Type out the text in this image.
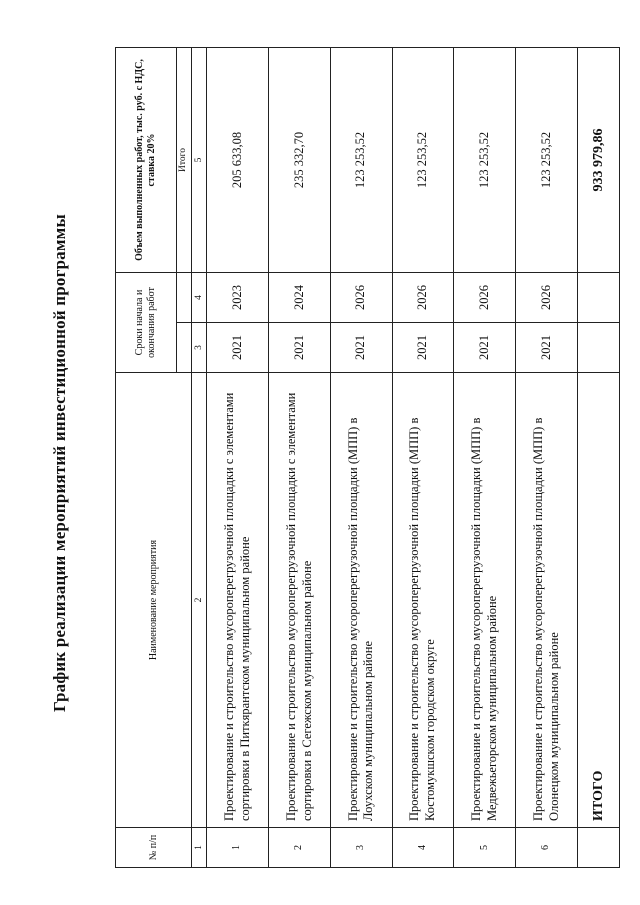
График реализации мероприятий инвестиционной программы
№ п/п	Наименование мероприятия	Сроки начала и окончания работ		Объем выполненных работ, тыс. руб. с НДС, ставка 20%
				Итого
1	2	3	4	5
1	Проектирование и строительство мусороперегрузочной площадки с элементами сортировки в Питкярантском муниципальном районе	2021	2023	205 633,08
2	Проектирование и строительство мусороперегрузочной площадки с элементами сортировки в Сегежском муниципальном районе	2021	2024	235 332,70
3	Проектирование и строительство мусороперегрузочной площадки (МПП) в Лоухском муниципальном районе	2021	2026	123 253,52
4	Проектирование и строительство мусороперегрузочной площадки (МПП) в Костомукшском городском округе	2021	2026	123 253,52
5	Проектирование и строительство мусороперегрузочной площадки (МПП) в Медвежьегорском муниципальном районе	2021	2026	123 253,52
6	Проектирование и строительство мусороперегрузочной площадки (МПП) в Олонецком муниципальном районе	2021	2026	123 253,52
	ИТОГО			933 979,86
